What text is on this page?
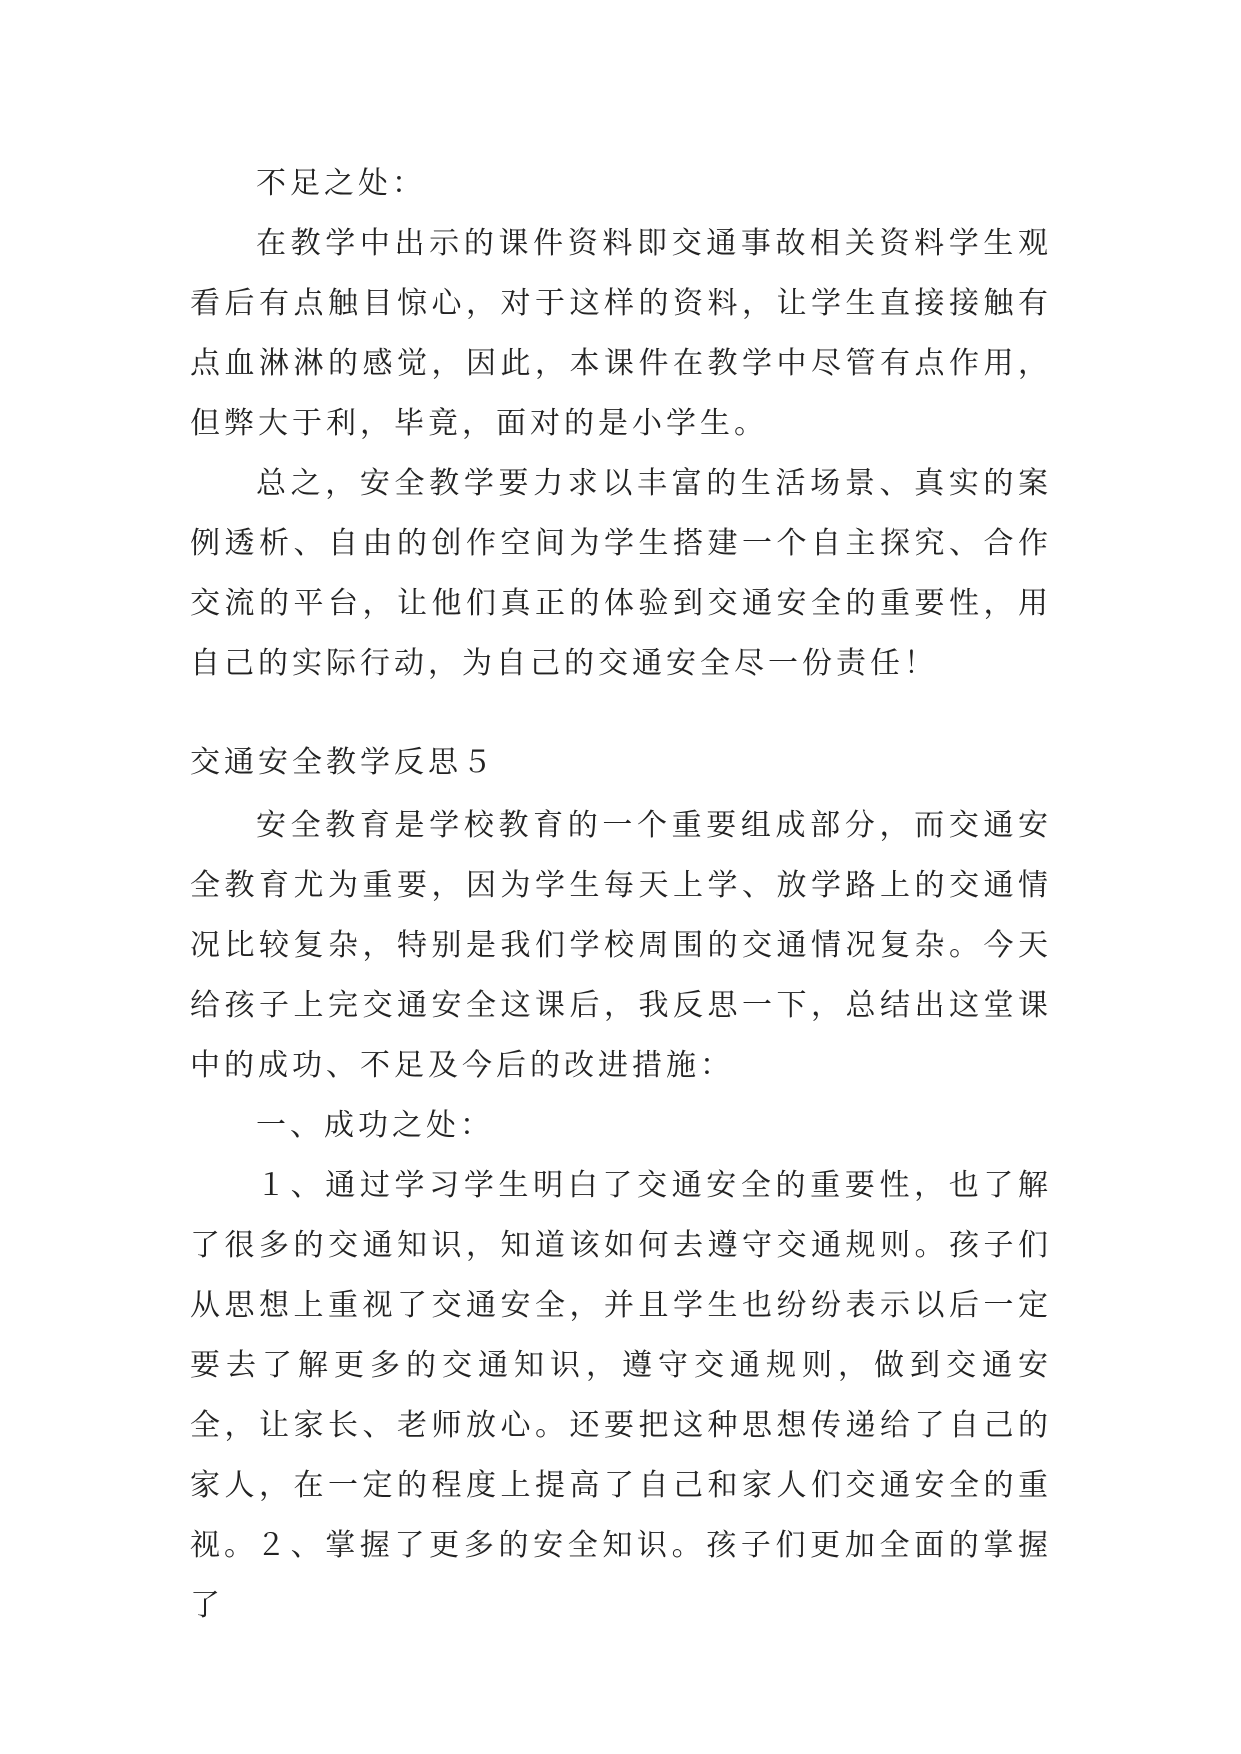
不足之处：

在教学中出示的课件资料即交通事故相关资料学生观看后有点触目惊心，对于这样的资料，让学生直接接触有点血淋淋的感觉，因此，本课件在教学中尽管有点作用，但弊大于利，毕竟，面对的是小学生。

总之，安全教学要力求以丰富的生活场景、真实的案例透析、自由的创作空间为学生搭建一个自主探究、合作交流的平台，让他们真正的体验到交通安全的重要性，用自己的实际行动，为自己的交通安全尽一份责任！

交通安全教学反思５

安全教育是学校教育的一个重要组成部分，而交通安全教育尤为重要，因为学生每天上学、放学路上的交通情况比较复杂，特别是我们学校周围的交通情况复杂。今天给孩子上完交通安全这课后，我反思一下，总结出这堂课中的成功、不足及今后的改进措施：

一、成功之处：

１、通过学习学生明白了交通安全的重要性，也了解了很多的交通知识，知道该如何去遵守交通规则。孩子们从思想上重视了交通安全，并且学生也纷纷表示以后一定要去了解更多的交通知识，遵守交通规则，做到交通安全，让家长、老师放心。还要把这种思想传递给了自己的家人，在一定的程度上提高了自己和家人们交通安全的重视。

２、掌握了更多的安全知识。孩子们更加全面的掌握了
